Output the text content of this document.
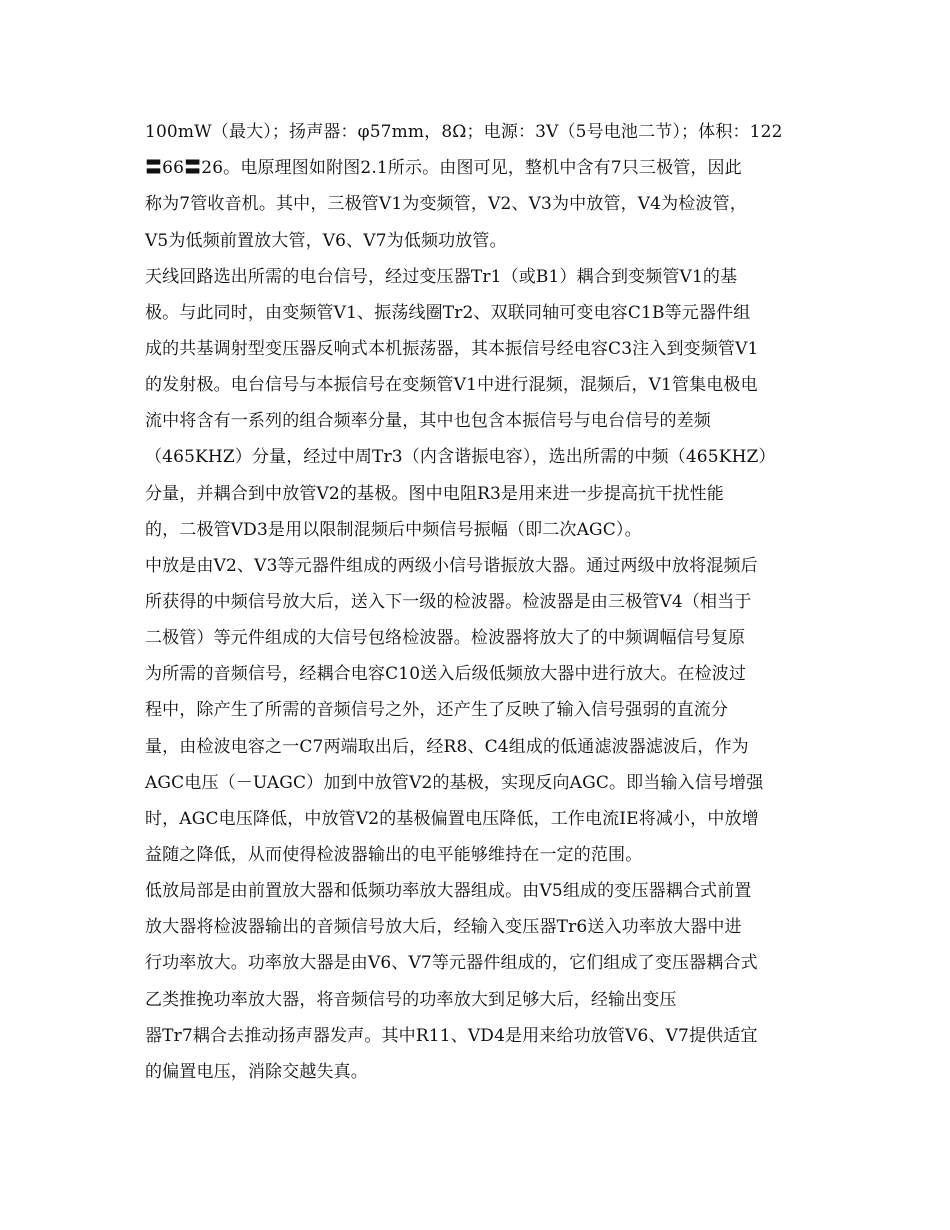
100mW（最大）；扬声器：φ57mm，8Ω；电源：3V（5号电池二节）；体积：122
〓66〓26。电原理图如附图2.1所示。由图可见，整机中含有7只三极管，因此
称为7管收音机。其中，三极管V1为变频管，V2、V3为中放管，V4为检波管，
V5为低频前置放大管，V6、V7为低频功放管。
天线回路选出所需的电台信号，经过变压器Tr1（或B1）耦合到变频管V1的基
极。与此同时，由变频管V1、振荡线圈Tr2、双联同轴可变电容C1B等元器件组
成的共基调射型变压器反响式本机振荡器，其本振信号经电容C3注入到变频管V1
的发射极。电台信号与本振信号在变频管V1中进行混频，混频后，V1管集电极电
流中将含有一系列的组合频率分量，其中也包含本振信号与电台信号的差频
（465KHZ）分量，经过中周Tr3（内含谐振电容），选出所需的中频（465KHZ）
分量，并耦合到中放管V2的基极。图中电阻R3是用来进一步提高抗干扰性能
的，二极管VD3是用以限制混频后中频信号振幅（即二次AGC）。
中放是由V2、V3等元器件组成的两级小信号谐振放大器。通过两级中放将混频后
所获得的中频信号放大后，送入下一级的检波器。检波器是由三极管V4（相当于
二极管）等元件组成的大信号包络检波器。检波器将放大了的中频调幅信号复原
为所需的音频信号，经耦合电容C10送入后级低频放大器中进行放大。在检波过
程中，除产生了所需的音频信号之外，还产生了反映了输入信号强弱的直流分
量，由检波电容之一C7两端取出后，经R8、C4组成的低通滤波器滤波后，作为
AGC电压（－UAGC）加到中放管V2的基极，实现反向AGC。即当输入信号增强
时，AGC电压降低，中放管V2的基极偏置电压降低，工作电流IE将减小，中放增
益随之降低，从而使得检波器输出的电平能够维持在一定的范围。
低放局部是由前置放大器和低频功率放大器组成。由V5组成的变压器耦合式前置
放大器将检波器输出的音频信号放大后，经输入变压器Tr6送入功率放大器中进
行功率放大。功率放大器是由V6、V7等元器件组成的，它们组成了变压器耦合式
乙类推挽功率放大器，将音频信号的功率放大到足够大后，经输出变压
器Tr7耦合去推动扬声器发声。其中R11、VD4是用来给功放管V6、V7提供适宜
的偏置电压，消除交越失真。
